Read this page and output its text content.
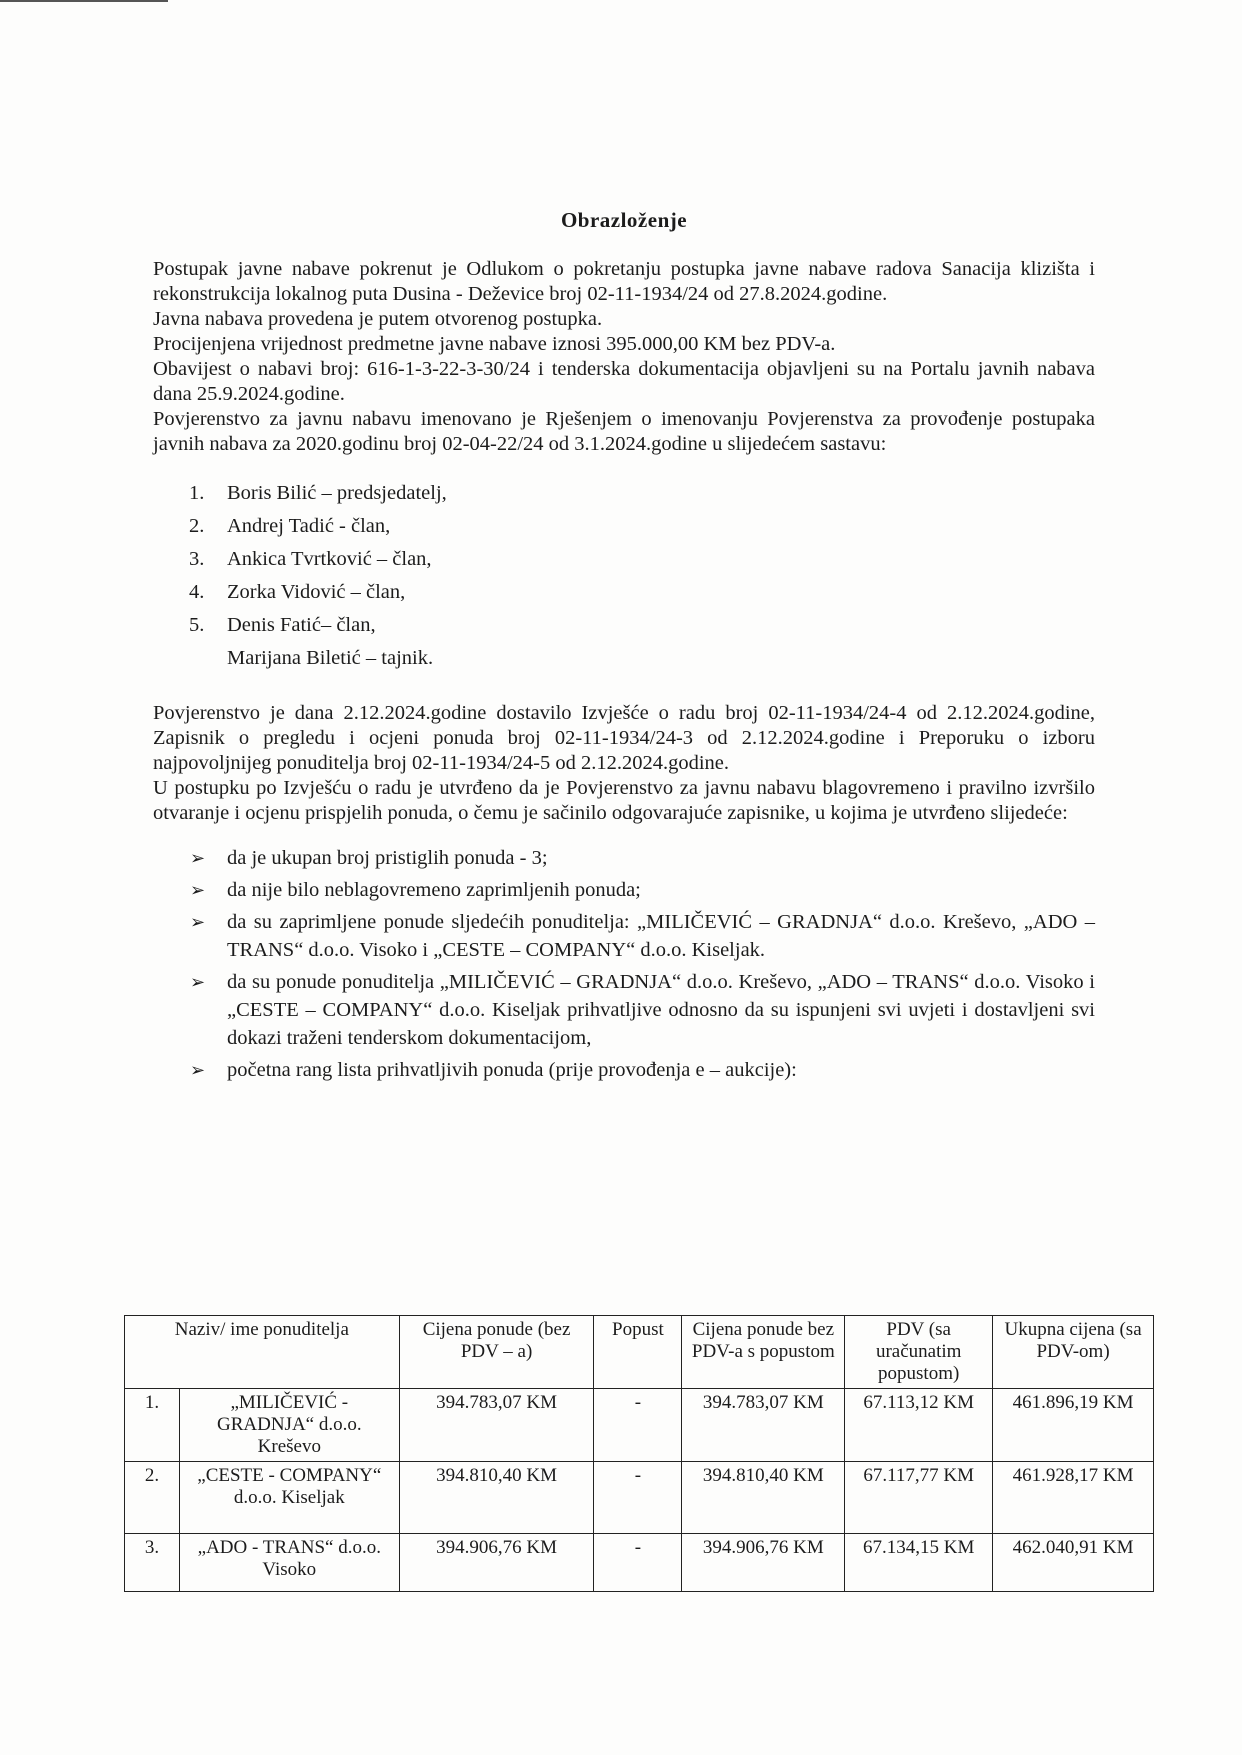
Obrazloženje

Postupak javne nabave pokrenut je Odlukom o pokretanju postupka javne nabave radova Sanacija klizišta i rekonstrukcija lokalnog puta Dusina - Deževice broj 02-11-1934/24 od 27.8.2024.godine.

Javna nabava provedena je putem otvorenog postupka.

Procijenjena vrijednost predmetne javne nabave iznosi 395.000,00 KM bez PDV-a.

Obavijest o nabavi broj: 616-1-3-22-3-30/24 i tenderska dokumentacija objavljeni su na Portalu javnih nabava dana 25.9.2024.godine.

Povjerenstvo za javnu nabavu imenovano je Rješenjem o imenovanju Povjerenstva za provođenje postupaka javnih nabava za 2020.godinu broj 02-04-22/24 od 3.1.2024.godine u slijedećem sastavu:

1. Boris Bilić – predsjedatelj,
2. Andrej Tadić - član,
3. Ankica Tvrtković – član,
4. Zorka Vidović – član,
5. Denis Fatić– član,
Marijana Biletić – tajnik.

Povjerenstvo je dana 2.12.2024.godine dostavilo Izvješće o radu broj 02-11-1934/24-4 od 2.12.2024.godine, Zapisnik o pregledu i ocjeni ponuda broj 02-11-1934/24-3 od 2.12.2024.godine i Preporuku o izboru najpovoljnijeg ponuditelja broj 02-11-1934/24-5 od 2.12.2024.godine.

U postupku po Izvješću o radu je utvrđeno da je Povjerenstvo za javnu nabavu blagovremeno i pravilno izvršilo otvaranje i ocjenu prispjelih ponuda, o čemu je sačinilo odgovarajuće zapisnike, u kojima je utvrđeno slijedeće:

➢ da je ukupan broj pristiglih ponuda - 3;
➢ da nije bilo neblagovremeno zaprimljenih ponuda;
➢ da su zaprimljene ponude sljedećih ponuditelja: „MILIČEVIĆ – GRADNJA“ d.o.o. Kreševo, „ADO – TRANS“ d.o.o. Visoko i „CESTE – COMPANY“ d.o.o. Kiseljak.
➢ da su ponude ponuditelja „MILIČEVIĆ – GRADNJA“ d.o.o. Kreševo, „ADO – TRANS“ d.o.o. Visoko i „CESTE – COMPANY“ d.o.o. Kiseljak prihvatljive odnosno da su ispunjeni svi uvjeti i dostavljeni svi dokazi traženi tenderskom dokumentacijom,
➢ početna rang lista prihvatljivih ponuda (prije provođenja e – aukcije):
Naziv/ ime ponuditelja		Cijena ponude (bez PDV – a)	Popust	Cijena ponude bez PDV-a s popustom	PDV (sa uračunatim popustom)	Ukupna cijena (sa PDV-om)
1.	„MILIČEVIĆ - GRADNJA“ d.o.o. Kreševo	394.783,07 KM	-	394.783,07 KM	67.113,12 KM	461.896,19 KM
2.	„CESTE - COMPANY“ d.o.o. Kiseljak	394.810,40 KM	-	394.810,40 KM	67.117,77 KM	461.928,17 KM
3.	„ADO - TRANS“ d.o.o. Visoko	394.906,76 KM	-	394.906,76 KM	67.134,15 KM	462.040,91 KM
